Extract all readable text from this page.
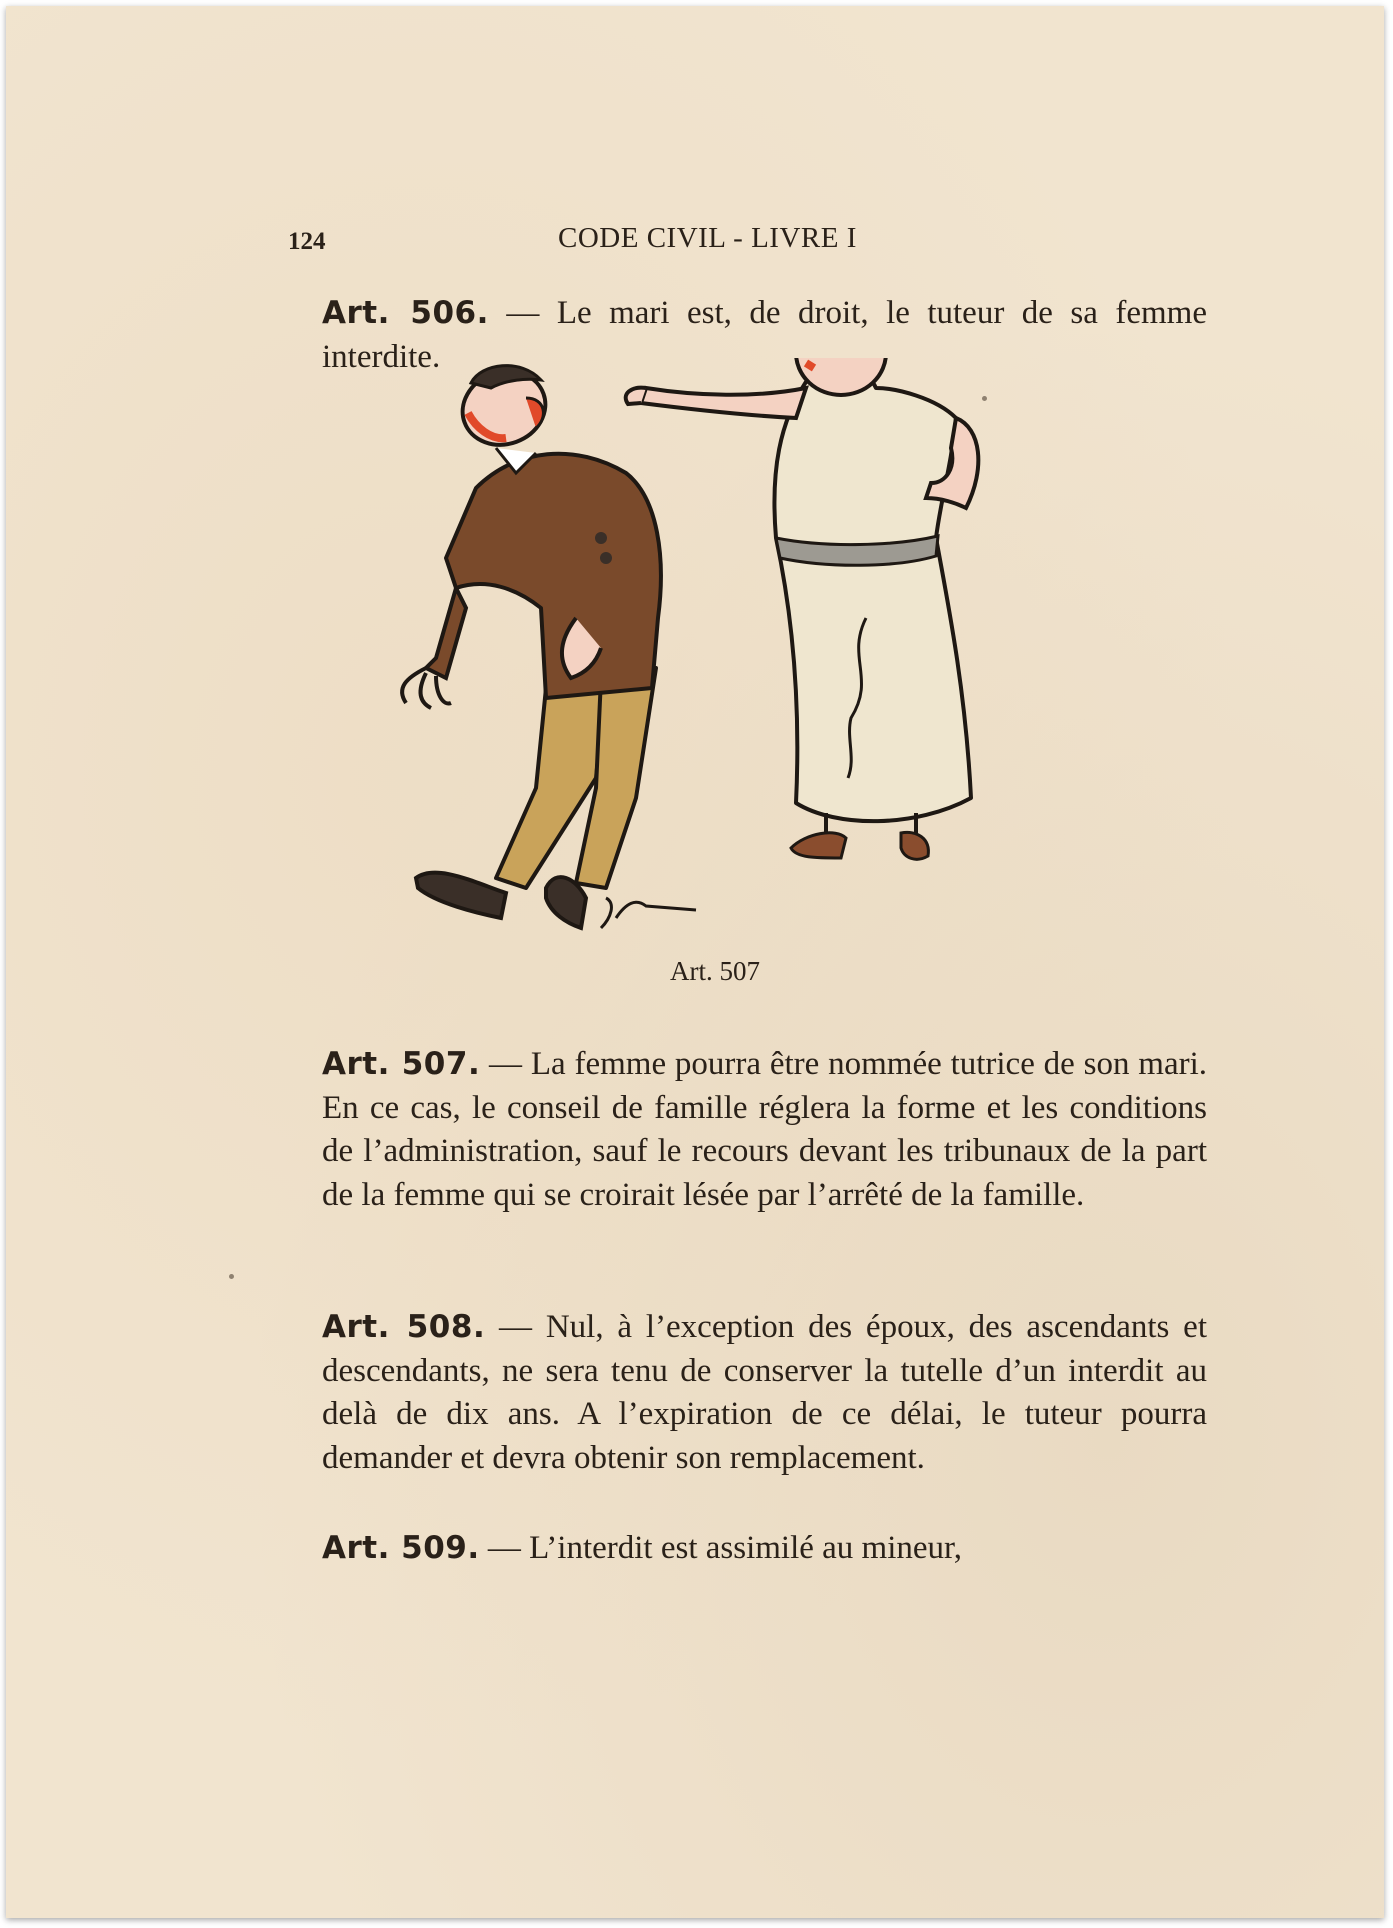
124	CODE CIVIL - LIVRE I
Art. 506. — Le mari est, de droit, le tuteur de sa femme interdite.
Art. 507
Art. 507. — La femme pourra être nommée tutrice de son mari. En ce cas, le conseil de famille réglera la forme et les conditions de l’administration, sauf le recours devant les tribunaux de la part de la femme qui se croirait lésée par l’arrêté de la famille.
Art. 508. — Nul, à l’exception des époux, des ascendants et descendants, ne sera tenu de conserver la tutelle d’un interdit au delà de dix ans. A l’expiration de ce délai, le tuteur pourra demander et devra obtenir son remplacement.
Art. 509. — L’interdit est assimilé au mineur,
